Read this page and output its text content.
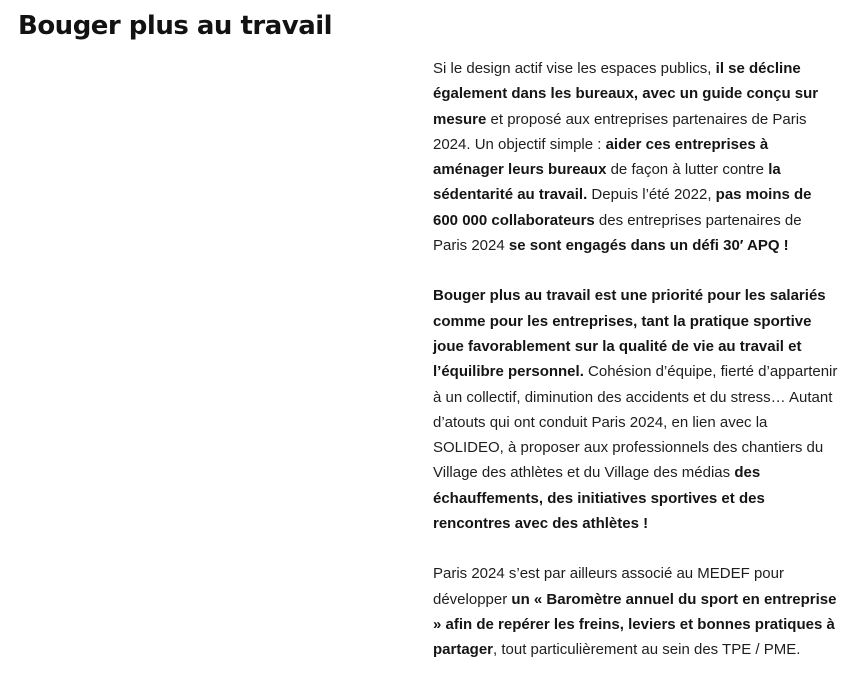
Bouger plus au travail

Si le design actif vise les espaces publics, il se décline également dans les bureaux, avec un guide conçu sur mesure et proposé aux entreprises partenaires de Paris 2024. Un objectif simple : aider ces entreprises à aménager leurs bureaux de façon à lutter contre la sédentarité au travail. Depuis l’été 2022, pas moins de 600 000 collaborateurs des entreprises partenaires de Paris 2024 se sont engagés dans un défi 30′ APQ !

Bouger plus au travail est une priorité pour les salariés comme pour les entreprises, tant la pratique sportive joue favorablement sur la qualité de vie au travail et l’équilibre personnel. Cohésion d’équipe, fierté d’appartenir à un collectif, diminution des accidents et du stress… Autant d’atouts qui ont conduit Paris 2024, en lien avec la SOLIDEO, à proposer aux professionnels des chantiers du Village des athlètes et du Village des médias des échauffements, des initiatives sportives et des rencontres avec des athlètes !

Paris 2024 s’est par ailleurs associé au MEDEF pour développer un « Baromètre annuel du sport en entreprise » afin de repérer les freins, leviers et bonnes pratiques à partager, tout particulièrement au sein des TPE / PME.
